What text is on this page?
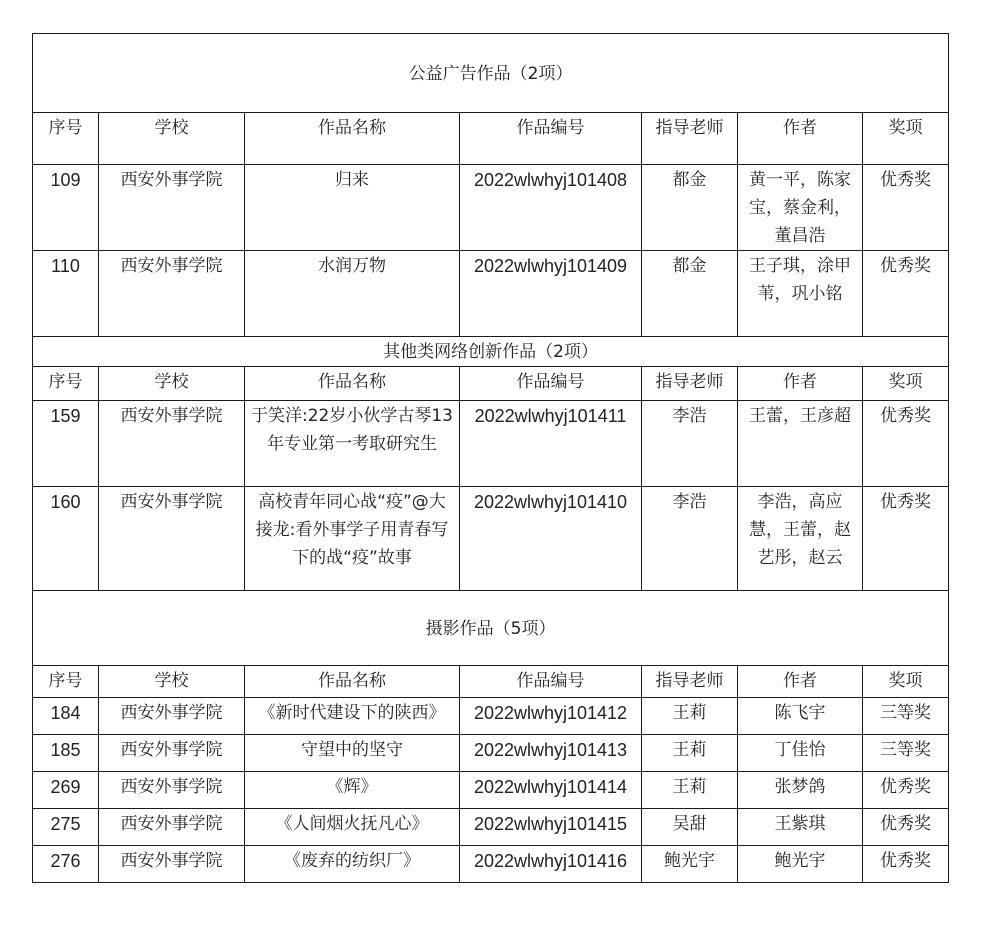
公益广告作品（2项）						
序号	学校	作品名称	作品编号	指导老师	作者	奖项
109	西安外事学院	归来	2022wlwhyj101408	都金	黄一平，陈家宝，蔡金利，董昌浩	优秀奖
110	西安外事学院	水润万物	2022wlwhyj101409	都金	王子琪，涂甲苇，巩小铭	优秀奖
其他类网络创新作品（2项）						
序号	学校	作品名称	作品编号	指导老师	作者	奖项
159	西安外事学院	于笑洋:22岁小伙学古琴13年专业第一考取研究生	2022wlwhyj101411	李浩	王蕾，王彦超	优秀奖
160	西安外事学院	高校青年同心战“疫”@大接龙:看外事学子用青春写下的战“疫”故事	2022wlwhyj101410	李浩	李浩，高应慧，王蕾，赵艺彤，赵云	优秀奖
摄影作品（5项）						
序号	学校	作品名称	作品编号	指导老师	作者	奖项
184	西安外事学院	《新时代建设下的陕西》	2022wlwhyj101412	王莉	陈飞宇	三等奖
185	西安外事学院	守望中的坚守	2022wlwhyj101413	王莉	丁佳怡	三等奖
269	西安外事学院	《辉》	2022wlwhyj101414	王莉	张梦鸽	优秀奖
275	西安外事学院	《人间烟火抚凡心》	2022wlwhyj101415	吴甜	王紫琪	优秀奖
276	西安外事学院	《废弃的纺织厂》	2022wlwhyj101416	鲍光宇	鲍光宇	优秀奖
